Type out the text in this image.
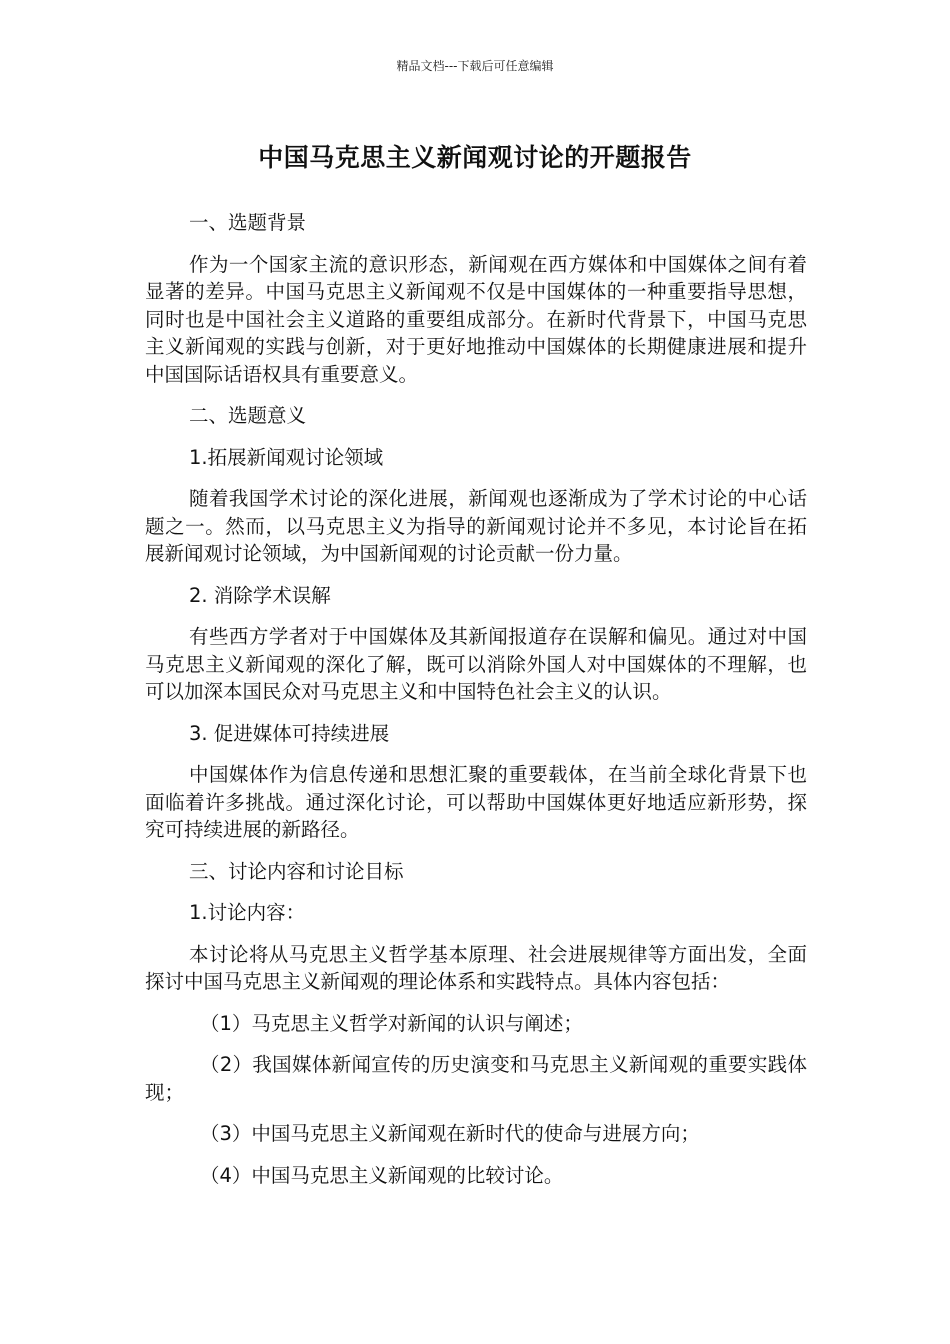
精品文档---下载后可任意编辑
中国马克思主义新闻观讨论的开题报告

一、选题背景

作为一个国家主流的意识形态，新闻观在西方媒体和中国媒体之间有着显著的差异。中国马克思主义新闻观不仅是中国媒体的一种重要指导思想，同时也是中国社会主义道路的重要组成部分。在新时代背景下，中国马克思主义新闻观的实践与创新，对于更好地推动中国媒体的长期健康进展和提升中国国际话语权具有重要意义。

二、选题意义

1.拓展新闻观讨论领域

随着我国学术讨论的深化进展，新闻观也逐渐成为了学术讨论的中心话题之一。然而，以马克思主义为指导的新闻观讨论并不多见，本讨论旨在拓展新闻观讨论领域，为中国新闻观的讨论贡献一份力量。

2. 消除学术误解

有些西方学者对于中国媒体及其新闻报道存在误解和偏见。通过对中国马克思主义新闻观的深化了解，既可以消除外国人对中国媒体的不理解，也可以加深本国民众对马克思主义和中国特色社会主义的认识。

3. 促进媒体可持续进展

中国媒体作为信息传递和思想汇聚的重要载体，在当前全球化背景下也面临着许多挑战。通过深化讨论，可以帮助中国媒体更好地适应新形势，探究可持续进展的新路径。

三、讨论内容和讨论目标

1.讨论内容：

本讨论将从马克思主义哲学基本原理、社会进展规律等方面出发，全面探讨中国马克思主义新闻观的理论体系和实践特点。具体内容包括：

（1）马克思主义哲学对新闻的认识与阐述；

（2）我国媒体新闻宣传的历史演变和马克思主义新闻观的重要实践体现；

（3）中国马克思主义新闻观在新时代的使命与进展方向；

（4）中国马克思主义新闻观的比较讨论。
